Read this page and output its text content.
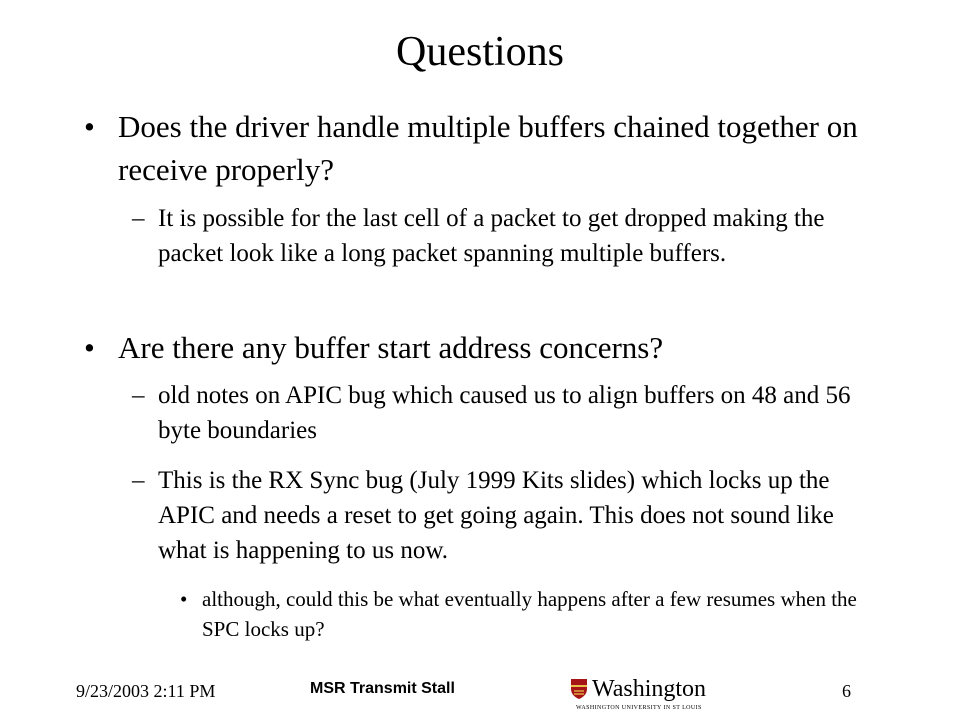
Questions
• Does the driver handle multiple buffers chained together on receive properly?
– It is possible for the last cell of a packet to get dropped making the packet look like a long packet spanning multiple buffers.
• Are there any buffer start address concerns?
– old notes on APIC bug which caused us to align buffers on 48 and 56 byte boundaries
– This is the RX Sync bug (July 1999 Kits slides) which locks up the APIC and needs a reset to get going again. This does not sound like what is happening to us now.
• although, could this be what eventually happens after a few resumes when the SPC locks up?
9/23/2003 2:11 PM	MSR Transmit Stall	Washington
WASHINGTON UNIVERSITY IN ST LOUIS
6
